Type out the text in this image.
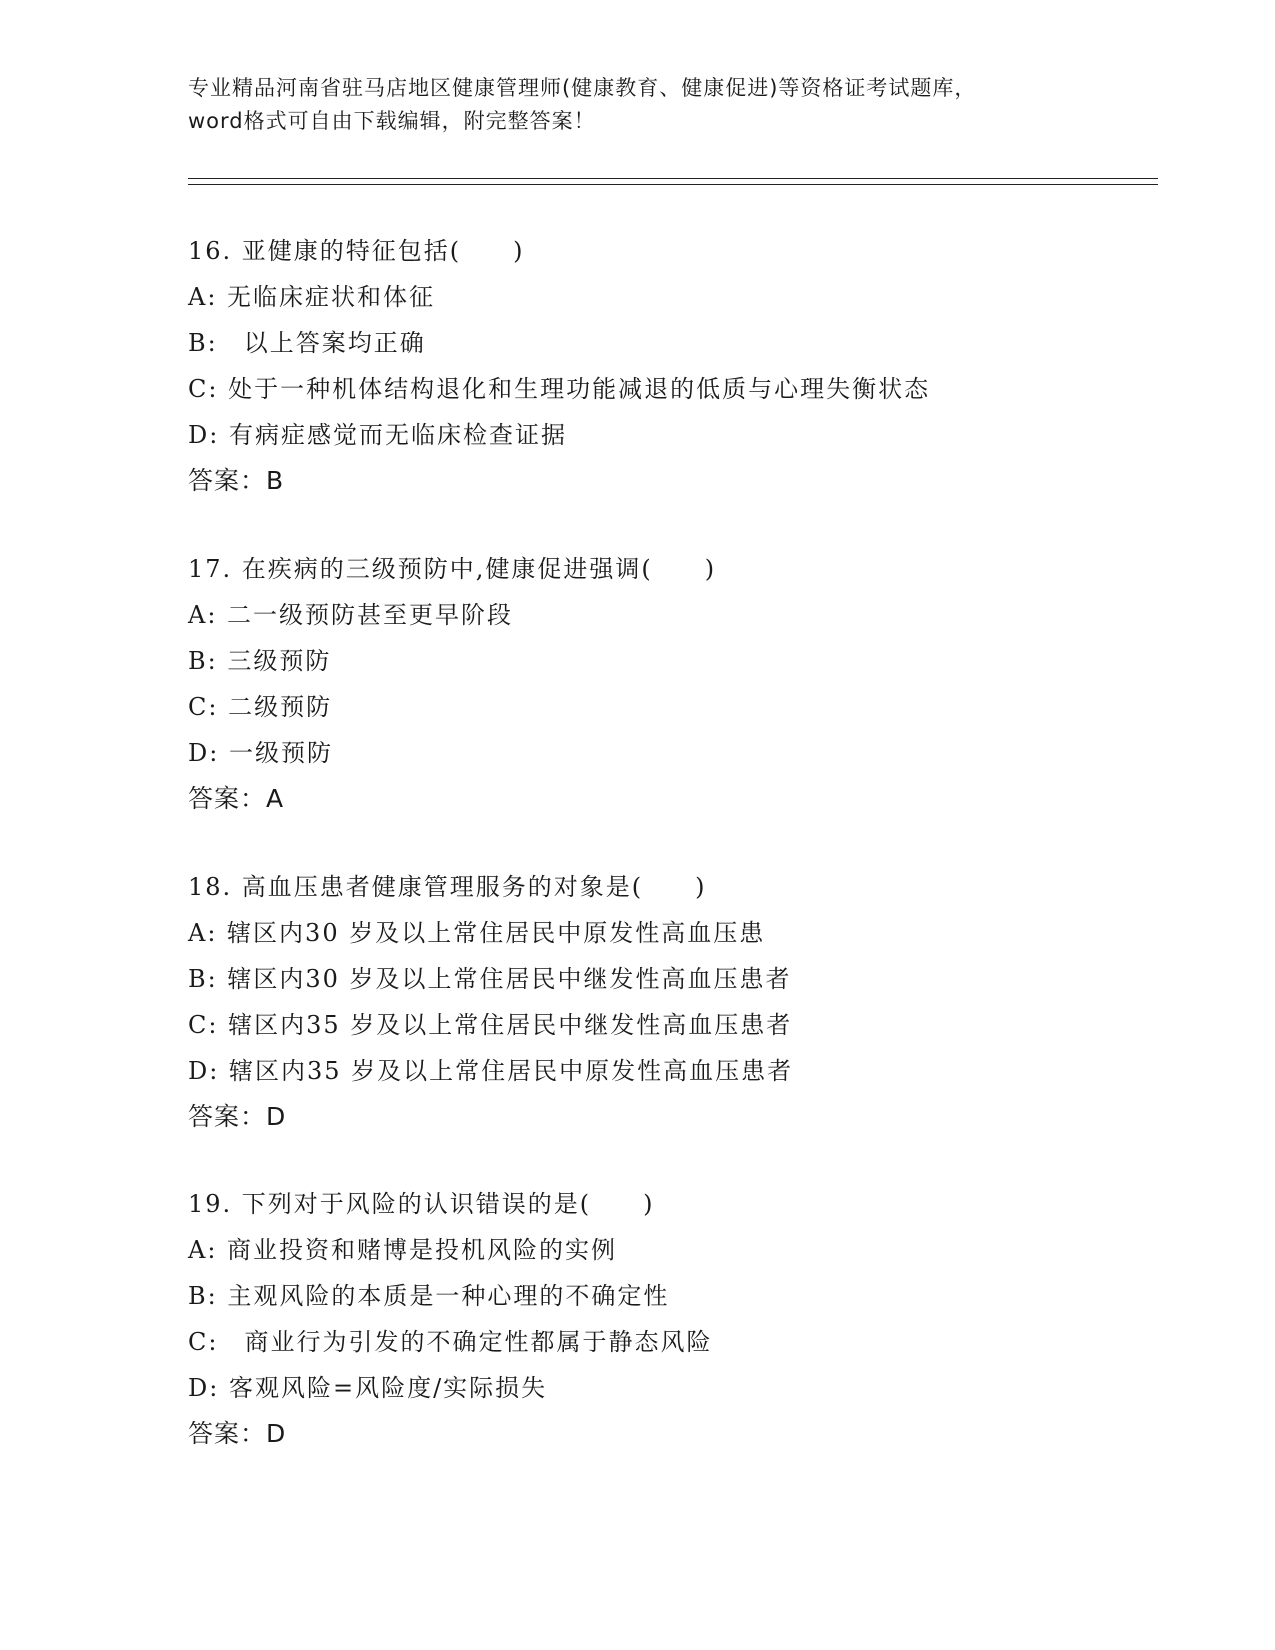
专业精品河南省驻马店地区健康管理师(健康教育、健康促进)等资格证考试题库，
word格式可自由下载编辑，附完整答案！
16. 亚健康的特征包括(　　)
A: 无临床症状和体征
B:　以上答案均正确
C: 处于一种机体结构退化和生理功能减退的低质与心理失衡状态
D: 有病症感觉而无临床检查证据
答案：B
17. 在疾病的三级预防中,健康促进强调(　　)
A: 二一级预防甚至更早阶段
B: 三级预防
C: 二级预防
D: 一级预防
答案：A
18. 高血压患者健康管理服务的对象是(　　)
A: 辖区内30 岁及以上常住居民中原发性高血压患
B: 辖区内30 岁及以上常住居民中继发性高血压患者
C: 辖区内35 岁及以上常住居民中继发性高血压患者
D: 辖区内35 岁及以上常住居民中原发性高血压患者
答案：D
19. 下列对于风险的认识错误的是(　　)
A: 商业投资和赌博是投机风险的实例
B: 主观风险的本质是一种心理的不确定性
C:　商业行为引发的不确定性都属于静态风险
D: 客观风险=风险度/实际损失
答案：D
